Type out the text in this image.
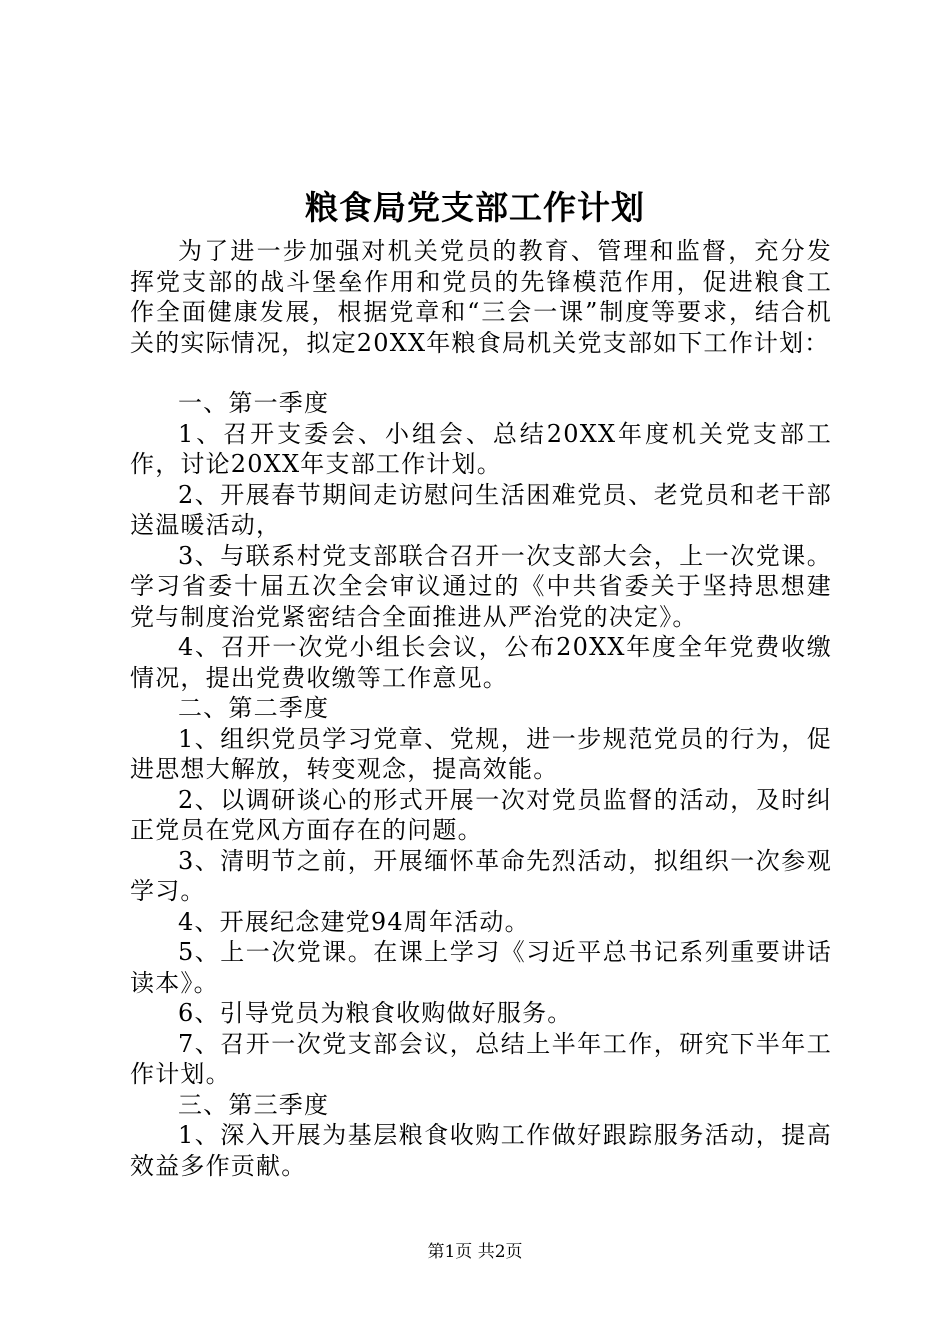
粮食局党支部工作计划

为了进一步加强对机关党员的教育、管理和监督，充分发挥党支部的战斗堡垒作用和党员的先锋模范作用，促进粮食工作全面健康发展，根据党章和“三会一课”制度等要求，结合机关的实际情况，拟定20XX年粮食局机关党支部如下工作计划：

一、第一季度

1、召开支委会、小组会、总结20XX年度机关党支部工作，讨论20XX年支部工作计划。

2、开展春节期间走访慰问生活困难党员、老党员和老干部送温暖活动，

3、与联系村党支部联合召开一次支部大会，上一次党课。学习省委十届五次全会审议通过的《中共省委关于坚持思想建党与制度治党紧密结合全面推进从严治党的决定》。

4、召开一次党小组长会议，公布20XX年度全年党费收缴情况，提出党费收缴等工作意见。

二、第二季度

1、组织党员学习党章、党规，进一步规范党员的行为，促进思想大解放，转变观念，提高效能。

2、以调研谈心的形式开展一次对党员监督的活动，及时纠正党员在党风方面存在的问题。

3、清明节之前，开展缅怀革命先烈活动，拟组织一次参观学习。

4、开展纪念建党94周年活动。

5、上一次党课。在课上学习《习近平总书记系列重要讲话读本》。

6、引导党员为粮食收购做好服务。

7、召开一次党支部会议，总结上半年工作，研究下半年工作计划。

三、第三季度

1、深入开展为基层粮食收购工作做好跟踪服务活动，提高效益多作贡献。

第1页 共2页
